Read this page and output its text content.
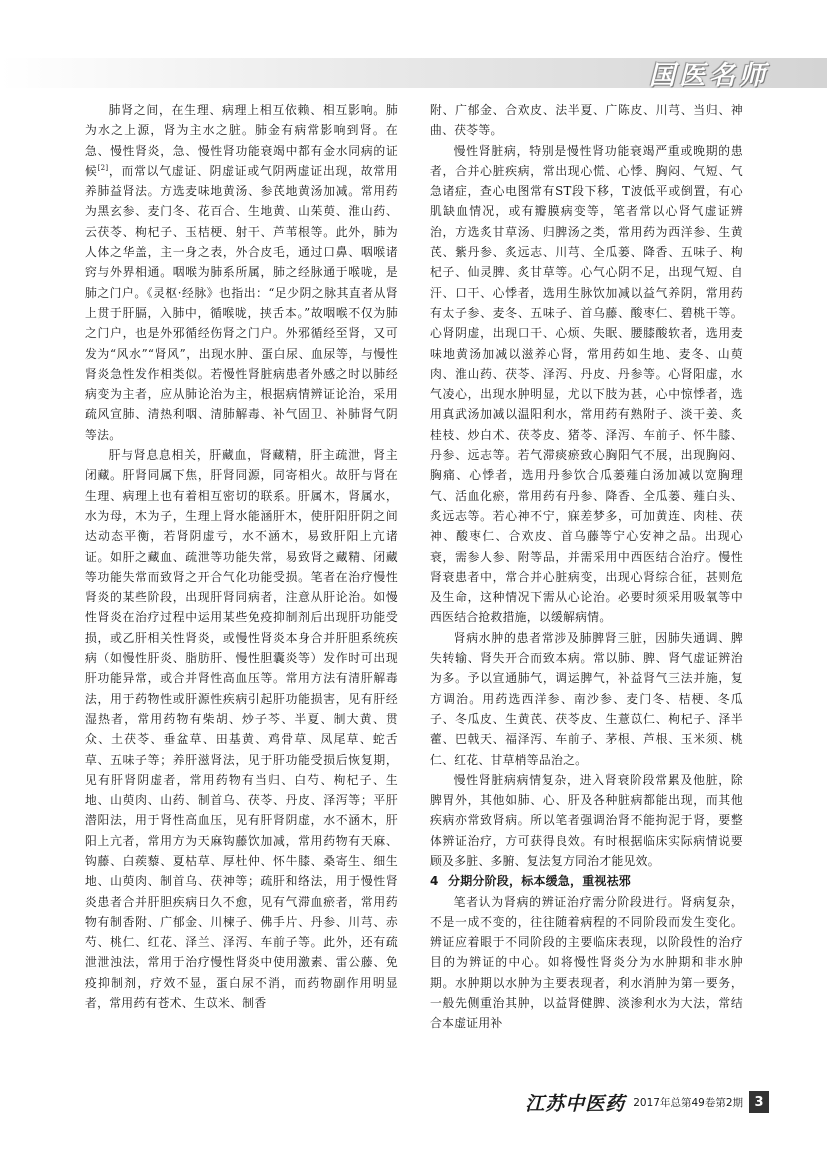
国医名师

肺肾之间，在生理、病理上相互依赖、相互影响。肺为水之上源，肾为主水之脏。肺金有病常影响到肾。在急、慢性肾炎，急、慢性肾功能衰竭中都有金水同病的证候[2]，而常以气虚证、阴虚证或气阴两虚证出现，故常用养肺益肾法。方选麦味地黄汤、参芪地黄汤加减。常用药为黑玄参、麦门冬、花百合、生地黄、山茱萸、淮山药、云茯苓、枸杞子、玉桔梗、射干、芦苇根等。此外，肺为人体之华盖，主一身之表，外合皮毛，通过口鼻、咽喉诸窍与外界相通。咽喉为肺系所属，肺之经脉通于喉咙，是肺之门户。《灵枢·经脉》也指出：“足少阴之脉其直者从肾上贯于肝膈，入肺中，循喉咙，挟舌本。”故咽喉不仅为肺之门户，也是外邪循经伤肾之门户。外邪循经至肾，又可发为“风水”“肾风”，出现水肿、蛋白尿、血尿等，与慢性肾炎急性发作相类似。若慢性肾脏病患者外感之时以肺经病变为主者，应从肺论治为主，根据病情辨证论治，采用疏风宣肺、清热利咽、清肺解毒、补气固卫、补肺肾气阴等法。

肝与肾息息相关，肝藏血，肾藏精，肝主疏泄，肾主闭藏。肝肾同属下焦，肝肾同源，同寄相火。故肝与肾在生理、病理上也有着相互密切的联系。肝属木，肾属水，水为母，木为子，生理上肾水能涵肝木，使肝阳肝阴之间达动态平衡，若肾阴虚亏，水不涵木，易致肝阳上亢诸证。如肝之藏血、疏泄等功能失常，易致肾之藏精、闭藏等功能失常而致肾之开合气化功能受损。笔者在治疗慢性肾炎的某些阶段，出现肝肾同病者，注意从肝论治。如慢性肾炎在治疗过程中运用某些免疫抑制剂后出现肝功能受损，或乙肝相关性肾炎，或慢性肾炎本身合并肝胆系统疾病（如慢性肝炎、脂肪肝、慢性胆囊炎等）发作时可出现肝功能异常，或合并肾性高血压等。常用方法有清肝解毒法，用于药物性或肝源性疾病引起肝功能损害，见有肝经湿热者，常用药物有柴胡、炒子芩、半夏、制大黄、贯众、土茯苓、垂盆草、田基黄、鸡骨草、凤尾草、蛇舌草、五味子等；养肝滋肾法，见于肝功能受损后恢复期，见有肝肾阴虚者，常用药物有当归、白芍、枸杞子、生地、山萸肉、山药、制首乌、茯苓、丹皮、泽泻等；平肝潜阳法，用于肾性高血压，见有肝肾阴虚，水不涵木，肝阳上亢者，常用方为天麻钩藤饮加减，常用药物有天麻、钩藤、白蒺藜、夏枯草、厚杜仲、怀牛膝、桑寄生、细生地、山萸肉、制首乌、茯神等；疏肝和络法，用于慢性肾炎患者合并肝胆疾病日久不愈，见有气滞血瘀者，常用药物有制香附、广郁金、川楝子、佛手片、丹参、川芎、赤芍、桃仁、红花、泽兰、泽泻、车前子等。此外，还有疏泄泄浊法，常用于治疗慢性肾炎中使用激素、雷公藤、免疫抑制剂，疗效不显，蛋白尿不消，而药物副作用明显者，常用药有苍术、生苡米、制香

附、广郁金、合欢皮、法半夏、广陈皮、川芎、当归、神曲、茯苓等。

慢性肾脏病，特别是慢性肾功能衰竭严重或晚期的患者，合并心脏疾病，常出现心慌、心悸、胸闷、气短、气急诸症，查心电图常有ST段下移，T波低平或倒置，有心肌缺血情况，或有瓣膜病变等，笔者常以心肾气虚证辨治，方选炙甘草汤、归脾汤之类，常用药为西洋参、生黄芪、紫丹参、炙远志、川芎、全瓜蒌、降香、五味子、枸杞子、仙灵脾、炙甘草等。心气心阴不足，出现气短、自汗、口干、心悸者，选用生脉饮加减以益气养阴，常用药有太子参、麦冬、五味子、首乌藤、酸枣仁、碧桃干等。心肾阴虚，出现口干、心烦、失眠、腰膝酸软者，选用麦味地黄汤加减以滋养心肾，常用药如生地、麦冬、山萸肉、淮山药、茯苓、泽泻、丹皮、丹参等。心肾阳虚，水气凌心，出现水肿明显，尤以下肢为甚，心中惊悸者，选用真武汤加减以温阳利水，常用药有熟附子、淡干姜、炙桂枝、炒白术、茯苓皮、猪苓、泽泻、车前子、怀牛膝、丹参、远志等。若气滞痰瘀致心胸阳气不展，出现胸闷、胸痛、心悸者，选用丹参饮合瓜蒌薤白汤加减以宽胸理气、活血化瘀，常用药有丹参、降香、全瓜蒌、薤白头、炙远志等。若心神不宁，寐差梦多，可加黄连、肉桂、茯神、酸枣仁、合欢皮、首乌藤等宁心安神之品。出现心衰，需参人参、附等品，并需采用中西医结合治疗。慢性肾衰患者中，常合并心脏病变，出现心肾综合征，甚则危及生命，这种情况下需从心论治。必要时须采用吸氧等中西医结合抢救措施，以缓解病情。

肾病水肿的患者常涉及肺脾肾三脏，因肺失通调、脾失转输、肾失开合而致本病。常以肺、脾、肾气虚证辨治为多。予以宣通肺气，调运脾气，补益肾气三法并施，复方调治。用药选西洋参、南沙参、麦门冬、桔梗、冬瓜子、冬瓜皮、生黄芪、茯苓皮、生薏苡仁、枸杞子、泽半藿、巴戟天、福泽泻、车前子、茅根、芦根、玉米须、桃仁、红花、甘草梢等品治之。

慢性肾脏病病情复杂，进入肾衰阶段常累及他脏，除脾胃外，其他如肺、心、肝及各种脏病都能出现，而其他疾病亦常致肾病。所以笔者强调治肾不能拘泥于肾，要整体辨证治疗，方可获得良效。有时根据临床实际病情说要顾及多脏、多腑、复法复方同治才能见效。

4 分期分阶段，标本缓急，重视祛邪

笔者认为肾病的辨证治疗需分阶段进行。肾病复杂，不是一成不变的，往往随着病程的不同阶段而发生变化。辨证应着眼于不同阶段的主要临床表现，以阶段性的治疗目的为辨证的中心。如将慢性肾炎分为水肿期和非水肿期。水肿期以水肿为主要表现者，利水消肿为第一要务，一般先侧重治其肿，以益肾健脾、淡渗利水为大法，常结合本虚证用补

江苏中医药 2017年总第49卷第2期 3
